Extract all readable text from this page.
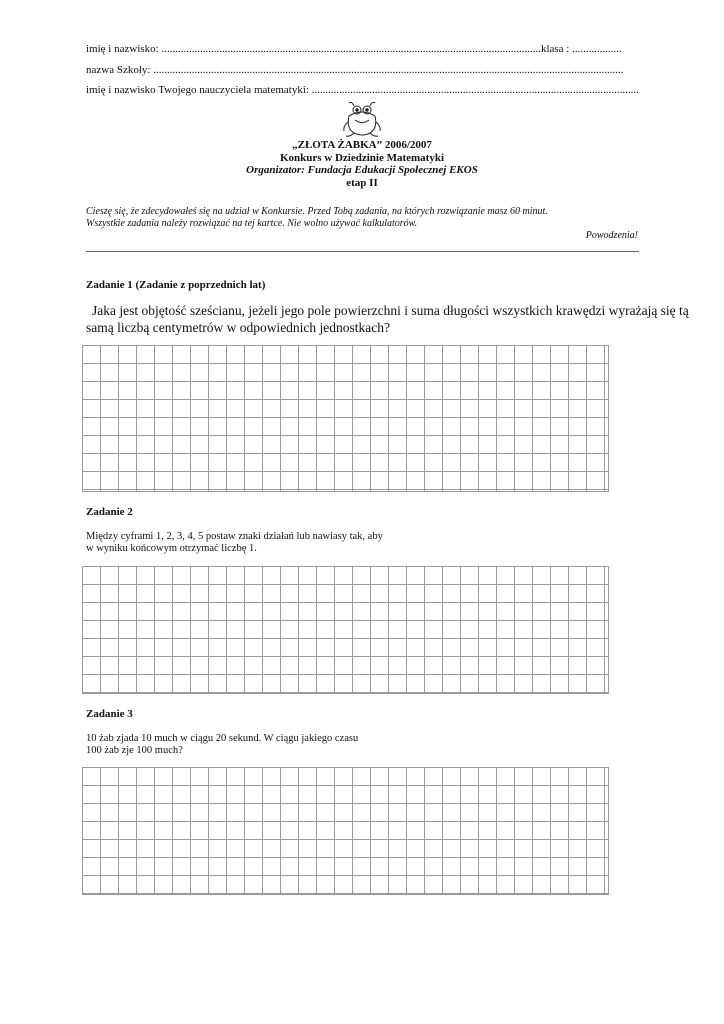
imię i nazwisko: ..........................................................................................................................................klasa : ..................
nazwa Szkoły: ...........................................................................................................................................................................
imię i nazwisko Twojego nauczyciela matematyki: .......................................................................................................................
„ZŁOTA ŻABKA” 2006/2007
Konkurs w Dziedzinie Matematyki
Organizator: Fundacja Edukacji Społecznej EKOS
etap II
Cieszę się, że zdecydowałeś się na udział w Konkursie. Przed Tobą zadania, na których rozwiązanie masz 60 minut.
Wszystkie zadania należy rozwiązać na tej kartce. Nie wolno używać kalkulatorów.
Powodzenia!
Zadanie 1 (Zadanie z poprzednich lat)
Jaka jest objętość sześcianu, jeżeli jego pole powierzchni i suma długości wszystkich krawędzi wyrażają się tą
samą liczbą centymetrów w odpowiednich jednostkach?
Zadanie 2
Między cyframi 1, 2, 3, 4, 5 postaw znaki działań lub nawiasy tak, aby
w wyniku końcowym otrzymać liczbę 1.
Zadanie 3
10 żab zjada 10 much w ciągu 20 sekund. W ciągu jakiego czasu
100 żab zje 100 much?
